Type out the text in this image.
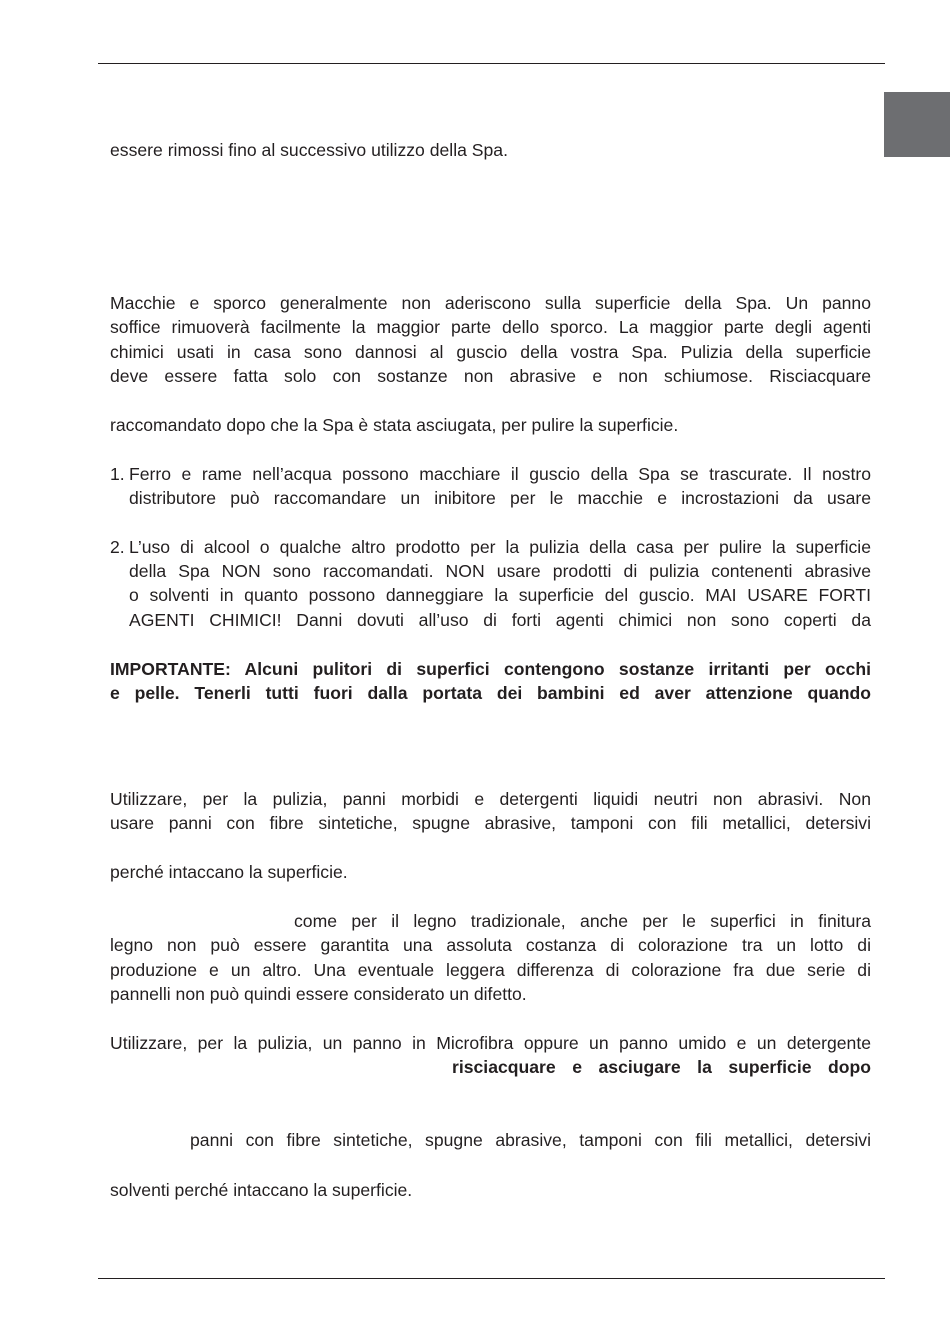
essere rimossi fino al successivo utilizzo della Spa.
Macchie e sporco generalmente non aderiscono sulla superficie della Spa. Un panno
soffice rimuoverà facilmente la maggior parte dello sporco. La maggior parte degli agenti
chimici usati in casa sono dannosi al guscio della vostra Spa. Pulizia della superficie
deve essere fatta solo con sostanze non abrasive e non schiumose. Risciacquare
raccomandato dopo che la Spa è stata asciugata, per pulire la superficie.
1. Ferro e rame nell’acqua possono macchiare il guscio della Spa se trascurate. Il nostro
distributore può raccomandare un inibitore per le macchie e incrostazioni da usare
2. L’uso di alcool o qualche altro prodotto per la pulizia della casa per pulire la superficie
della Spa NON sono raccomandati. NON usare prodotti di pulizia contenenti abrasive
o solventi in quanto possono danneggiare la superficie del guscio. MAI USARE FORTI
AGENTI CHIMICI! Danni dovuti all’uso di forti agenti chimici non sono coperti da
IMPORTANTE: Alcuni pulitori di superfici contengono sostanze irritanti per occhi
e pelle. Tenerli tutti fuori dalla portata dei bambini ed aver attenzione quando
Utilizzare, per la pulizia, panni morbidi e detergenti liquidi neutri non abrasivi. Non
usare panni con fibre sintetiche, spugne abrasive, tamponi con fili metallici, detersivi
perché intaccano la superficie.
come per il legno tradizionale, anche per le superfici in finitura
legno non può essere garantita una assoluta costanza di colorazione tra un lotto di
produzione e un altro. Una eventuale leggera differenza di colorazione fra due serie di
pannelli non può quindi essere considerato un difetto.
Utilizzare, per la pulizia, un panno in Microfibra oppure un panno umido e un detergente
risciacquare e asciugare la superficie dopo
panni con fibre sintetiche, spugne abrasive, tamponi con fili metallici, detersivi
solventi perché intaccano la superficie.
